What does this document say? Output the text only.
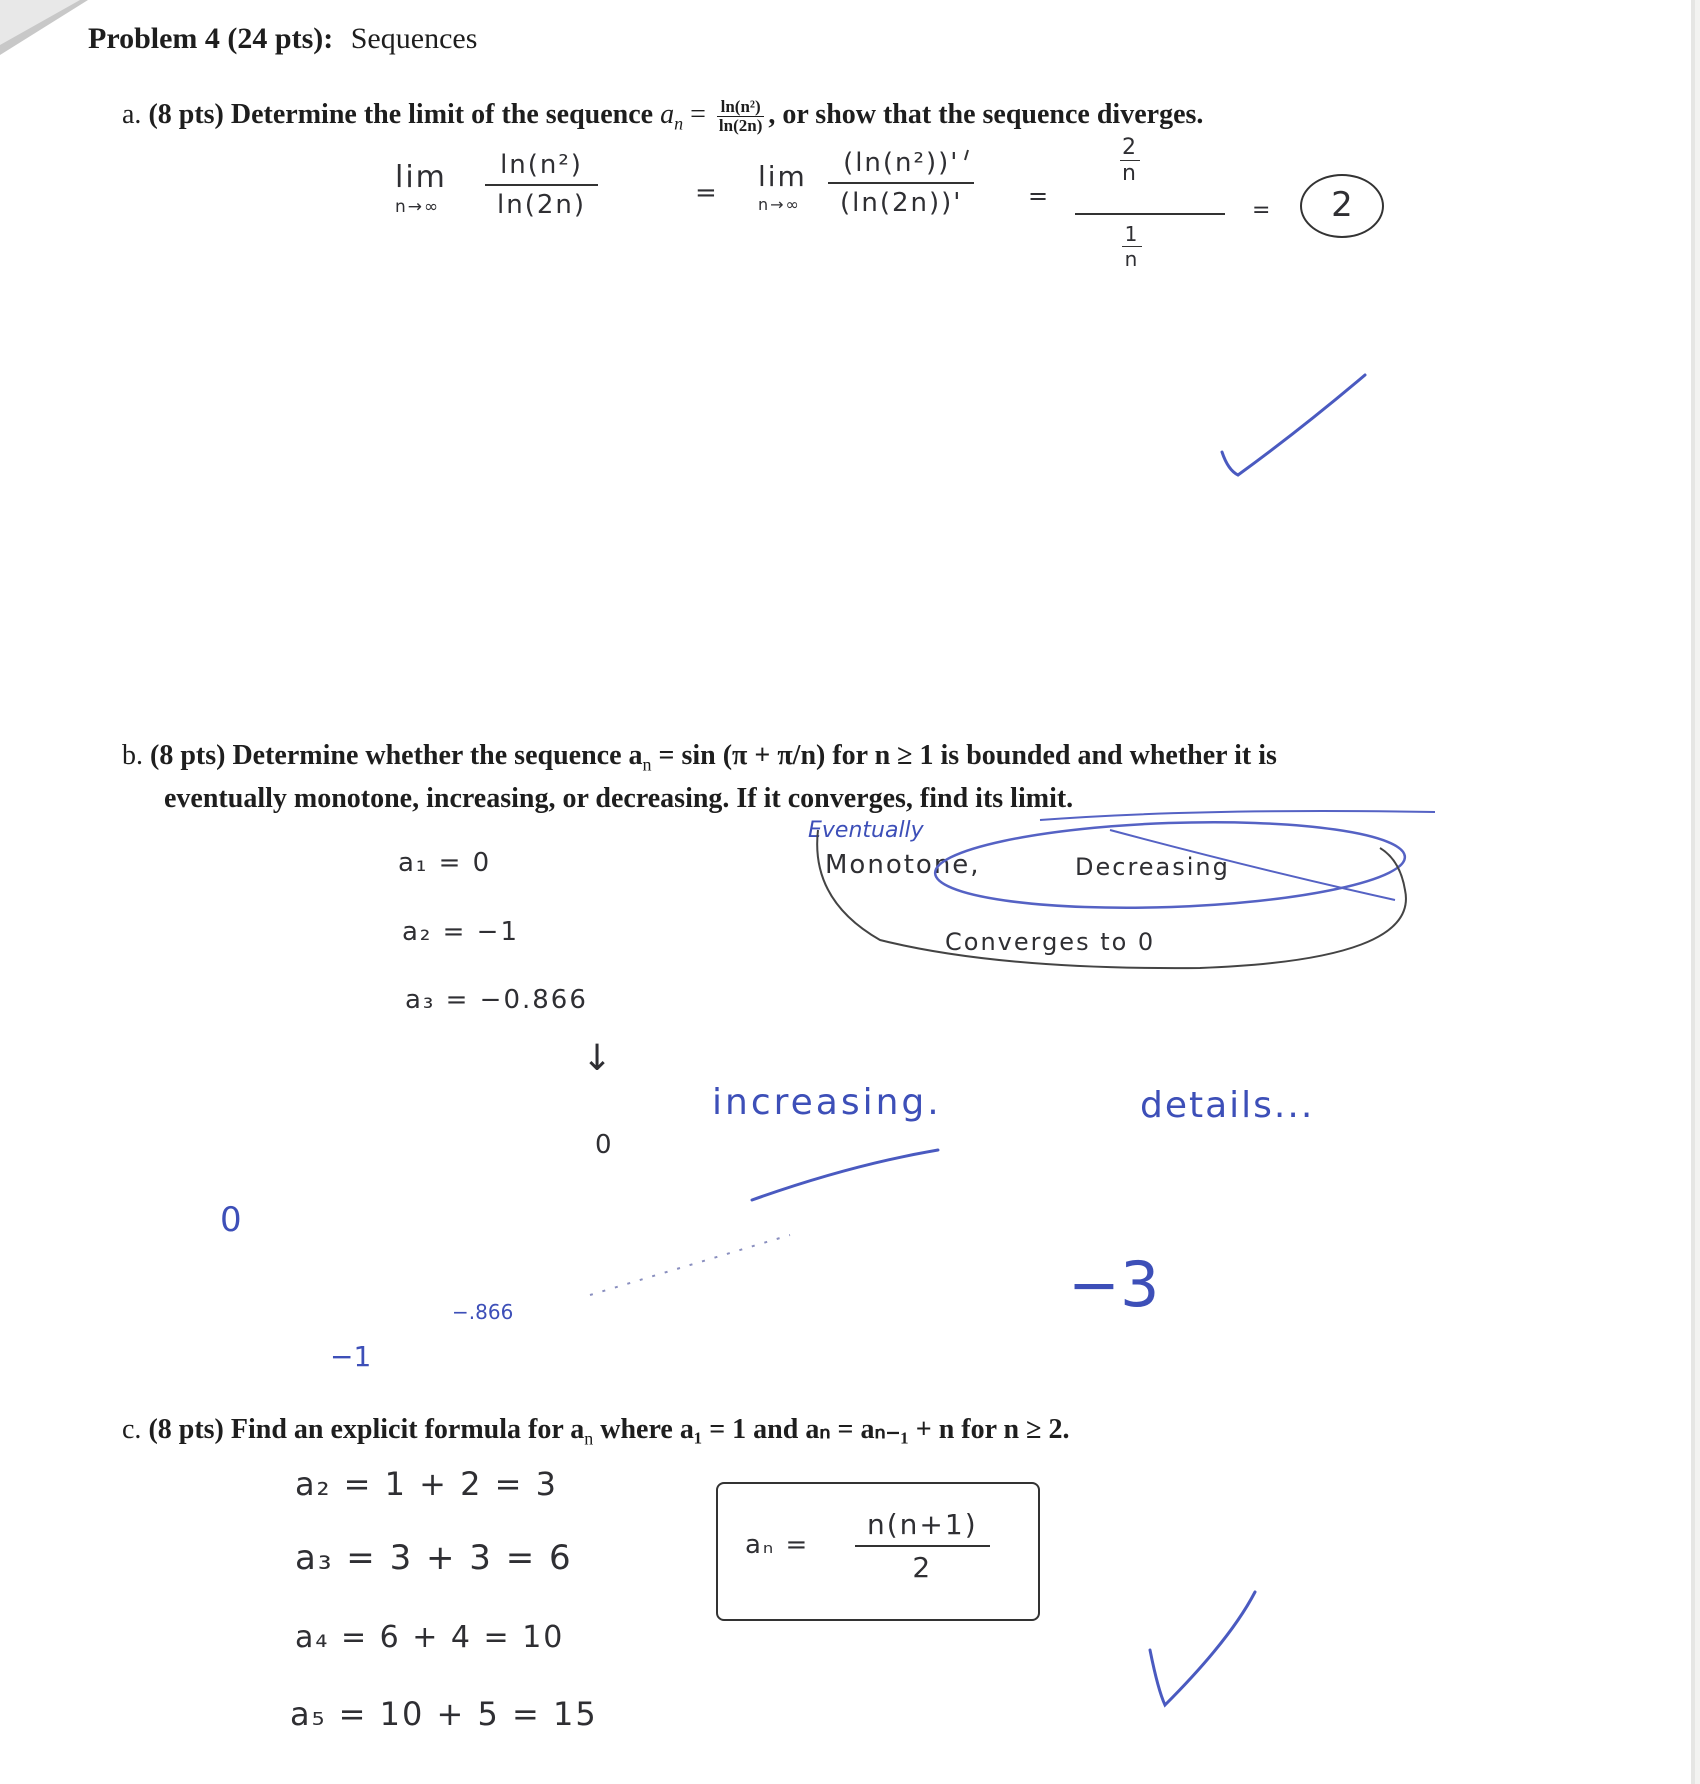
Problem 4 (24 pts): Sequences
a. (8 pts) Determine the limit of the sequence $a_n = \frac{\text{ln(n²)}}{\ln(2n)}$ , or show that the sequence diverges.
lim
$n\to\infty \frac{\text{ln(n²)}}{\ln(2n)}$	= lim
$n\to\infty \frac{\text{(ln(n²))'}}{(\ln(2n))'}$ =
2
n
1
n
=	2
b. (8 pts) Determine whether the sequence $a_n = \sin (\pi + \pi/n)$ for n ≥ 1 is bounded and whether it is
eventually monotone, increasing, or decreasing. If it converges, find its limit.
a₁ = 0
a₂ = −1
a₃ = −0.866
↓
0
Eventually
Monotone,	Decreasing
Converges to 0
increasing.	details...
0
−.866
−1
−3
c. (8 pts) Find an explicit formula for $a_n$ where a₁ = 1 and aₙ = aₙ₋₁ + n for n ≥ 2.
a₂ = 1 + 2 = 3
a₃ = 3 + 3 = 6
a₄ = 6 + 4 = 10
a₅ = 10 + 5 = 15
$a_n = \frac{n(n+1)}{2}$
